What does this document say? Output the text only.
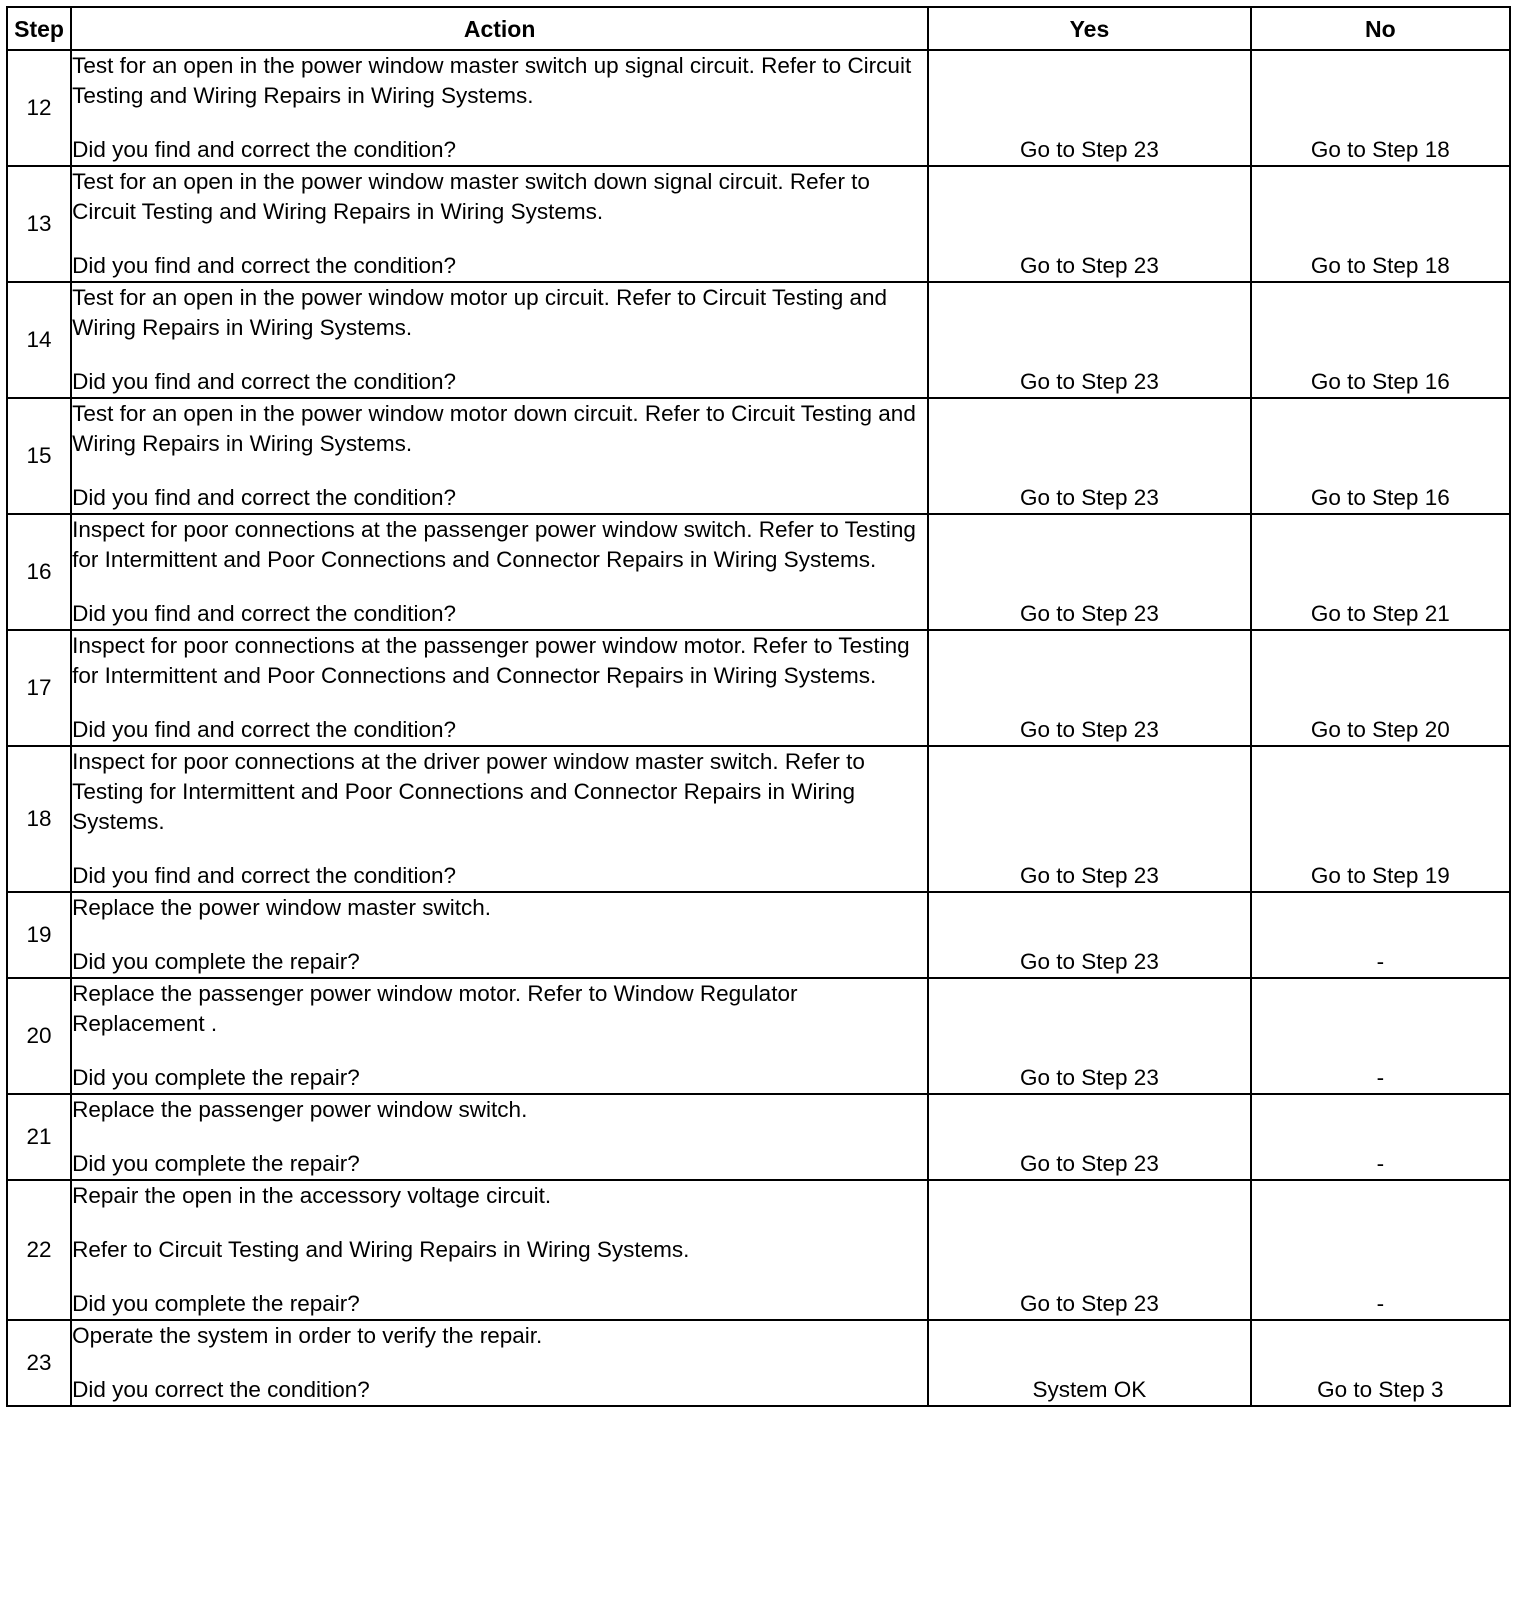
Step	Action	Yes	No
12	Test for an open in the power window master switch up signal circuit. Refer to Circuit Testing and Wiring Repairs in Wiring Systems.

Did you find and correct the condition?	Go to Step 23	Go to Step 18
13	Test for an open in the power window master switch down signal circuit. Refer to Circuit Testing and Wiring Repairs in Wiring Systems.

Did you find and correct the condition?	Go to Step 23	Go to Step 18
14	Test for an open in the power window motor up circuit. Refer to Circuit Testing and Wiring Repairs in Wiring Systems.

Did you find and correct the condition?	Go to Step 23	Go to Step 16
15	Test for an open in the power window motor down circuit. Refer to Circuit Testing and Wiring Repairs in Wiring Systems.

Did you find and correct the condition?	Go to Step 23	Go to Step 16
16	Inspect for poor connections at the passenger power window switch. Refer to Testing for Intermittent and Poor Connections and Connector Repairs in Wiring Systems.

Did you find and correct the condition?	Go to Step 23	Go to Step 21
17	Inspect for poor connections at the passenger power window motor. Refer to Testing for Intermittent and Poor Connections and Connector Repairs in Wiring Systems.

Did you find and correct the condition?	Go to Step 23	Go to Step 20
18	Inspect for poor connections at the driver power window master switch. Refer to Testing for Intermittent and Poor Connections and Connector Repairs in Wiring Systems.

Did you find and correct the condition?	Go to Step 23	Go to Step 19
19	Replace the power window master switch.

Did you complete the repair?	Go to Step 23	-
20	Replace the passenger power window motor. Refer to Window Regulator Replacement .

Did you complete the repair?	Go to Step 23	-
21	Replace the passenger power window switch.

Did you complete the repair?	Go to Step 23	-
22	Repair the open in the accessory voltage circuit.

Refer to Circuit Testing and Wiring Repairs in Wiring Systems.

Did you complete the repair?	Go to Step 23	-
23	Operate the system in order to verify the repair.

Did you correct the condition?	System OK	Go to Step 3
